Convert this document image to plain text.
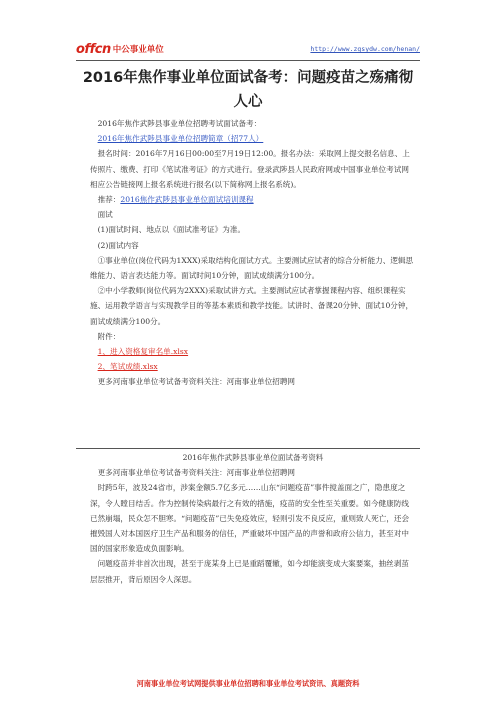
offcn 中公事业单位	http://www.zgsydw.com/henan/
2016年焦作事业单位面试备考：问题疫苗之殇痛彻
人心

2016年焦作武陟县事业单位招聘考试面试备考：

2016年焦作武陟县事业单位招聘简章（招77人）

报名时间：2016年7月16日00:00至7月19日12:00。报名办法：采取网上提交报名信息、上传照片、缴费、打印《笔试准考证》的方式进行。登录武陟县人民政府网或中国事业单位考试网相应公告链接网上报名系统进行报名(以下简称网上报名系统)。

推荐：2016焦作武陟县事业单位面试培训课程

面试

(1)面试时间、地点以《面试准考证》为准。

(2)面试内容

①事业单位(岗位代码为1XXX)采取结构化面试方式。主要测试应试者的综合分析能力、逻辑思维能力、语言表达能力等。面试时间10分钟，面试成绩满分100分。

②中小学教师(岗位代码为2XXX)采取试讲方式。主要测试应试者掌握课程内容、组织课程实施、运用教学语言与实现教学目的等基本素质和教学技能。试讲时、备课20分钟、面试10分钟，面试成绩满分100分。

附件：

1、进入资格复审名单.xlsx

2、笔试成绩.xlsx

更多河南事业单位考试备考资料关注：河南事业单位招聘网

2016年焦作武陟县事业单位面试备考资料

更多河南事业单位考试备考资料关注：河南事业单位招聘网

时跨5年，波及24省市，涉案金额5.7亿多元……山东“问题疫苗”事件搅盖面之广，隐患度之深，令人瞠目结舌。作为控制传染病最行之有效的措施，疫苗的安全性至关重要。如今健康防线已然崩塌，民众怎不胆寒。“问题疫苗”已失免疫效应，轻则引发不良反应，重则致人死亡，还会摧毁国人对本国医疗卫生产品和服务的信任，严重破坏中国产品的声誉和政府公信力，甚至对中国的国家形象造成负面影响。

问题疫苗并非首次出现，甚至于庞某身上已是重蹈覆辙，如今却能演变成大案要案，抽丝剥茧层层推开，背后原因令人深思。

河南事业单位考试网提供事业单位招聘和事业单位考试资讯、真题资料
